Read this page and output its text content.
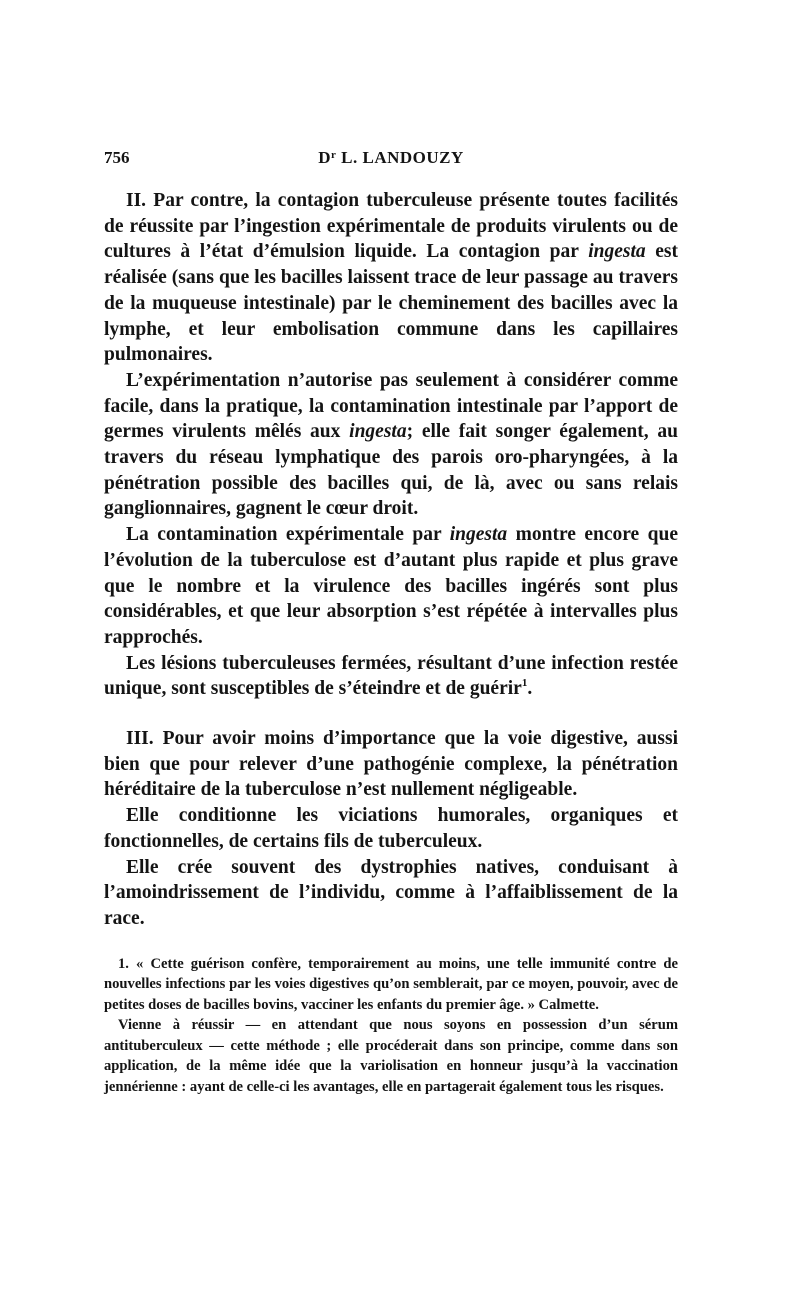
756	$D^r$ L. LANDOUZY

II. Par contre, la contagion tuberculeuse présente toutes facilités de réussite par l’ingestion expérimentale de produits virulents ou de cultures à l’état d’émulsion liquide. La contagion par ingesta est réalisée (sans que les bacilles laissent trace de leur passage au travers de la muqueuse intestinale) par le cheminement des bacilles avec la lymphe, et leur embolisation commune dans les capillaires pulmonaires.

L’expérimentation n’autorise pas seulement à considérer comme facile, dans la pratique, la contamination intestinale par l’apport de germes virulents mêlés aux ingesta; elle fait songer également, au travers du réseau lymphatique des parois oro-pharyngées, à la pénétration possible des bacilles qui, de là, avec ou sans relais ganglionnaires, gagnent le cœur droit.

La contamination expérimentale par ingesta montre encore que l’évolution de la tuberculose est d’autant plus rapide et plus grave que le nombre et la virulence des bacilles ingérés sont plus considérables, et que leur absorption s’est répétée à intervalles plus rapprochés.

Les lésions tuberculeuses fermées, résultant d’une infection restée unique, sont susceptibles de s’éteindre et de guérir$^1$.

III. Pour avoir moins d’importance que la voie digestive, aussi bien que pour relever d’une pathogénie complexe, la pénétration héréditaire de la tuberculose n’est nullement négligeable.

Elle conditionne les viciations humorales, organiques et fonctionnelles, de certains fils de tuberculeux.

Elle crée souvent des dystrophies natives, conduisant à l’amoindrissement de l’individu, comme à l’affaiblissement de la race.

1. « Cette guérison confère, temporairement au moins, une telle immunité contre de nouvelles infections par les voies digestives qu’on semblerait, par ce moyen, pouvoir, avec de petites doses de bacilles bovins, vacciner les enfants du premier âge. » Calmette.

Vienne à réussir — en attendant que nous soyons en possession d’un sérum antituberculeux — cette méthode ; elle procéderait dans son principe, comme dans son application, de la même idée que la variolisation en honneur jusqu’à la vaccination jennérienne : ayant de celle-ci les avantages, elle en partagerait également tous les risques.
